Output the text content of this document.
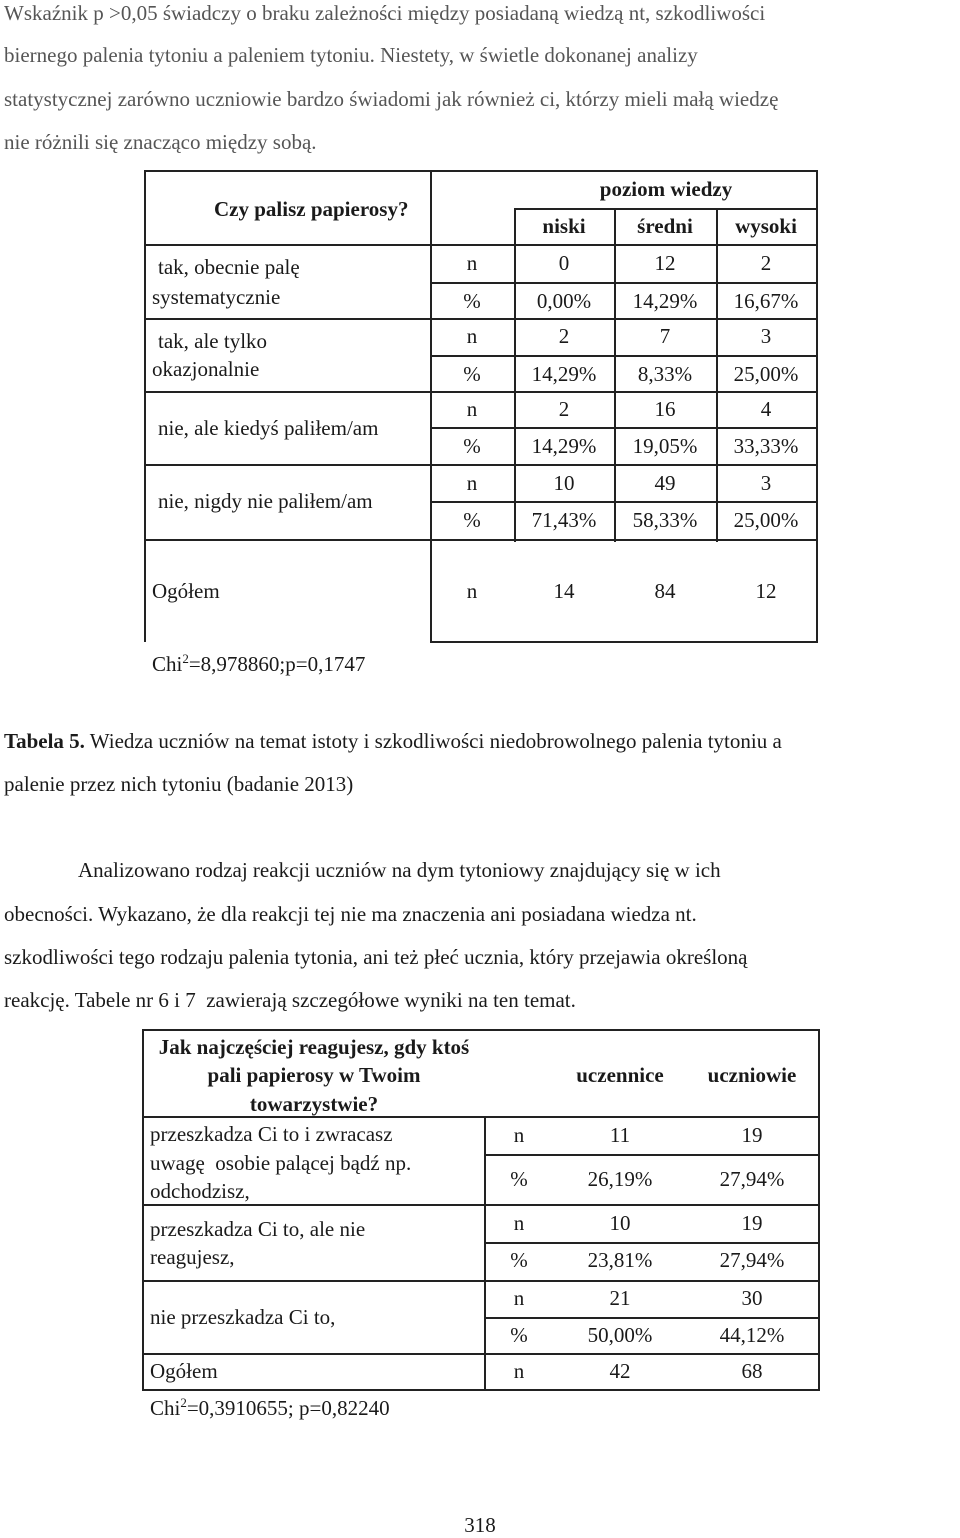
Wskaźnik p >0,05 świadczy o braku zależności między posiadaną wiedzą nt, szkodliwości

biernego palenia tytoniu a paleniem tytoniu. Niestety, w świetle dokonanej analizy

statystycznej zarówno uczniowie bardzo świadomi jak również ci, którzy mieli małą wiedzę

nie różnili się znacząco między sobą.

Czy palisz papierosy?
poziom wiedzy
niski	średni	wysoki
tak, obecnie palę
systematycznie
n	0	12	2
%	0,00%	14,29%	16,67%
tak, ale tylko
okazjonalnie
n	2	7	3
%	14,29%	8,33%	25,00%
nie, ale kiedyś paliłem/am
n	2	16	4
%	14,29%	19,05%	33,33%
nie, nigdy nie paliłem/am
n	10	49	3
%	71,43%	58,33%	25,00%
Ogółem	n	14	84	12
Chi$^2$=8,978860;p=0,1747

Tabela 5. Wiedza uczniów na temat istoty i szkodliwości niedobrowolnego palenia tytoniu a

palenie przez nich tytoniu (badanie 2013)

Analizowano rodzaj reakcji uczniów na dym tytoniowy znajdujący się w ich

obecności. Wykazano, że dla reakcji tej nie ma znaczenia ani posiadana wiedza nt.

szkodliwości tego rodzaju palenia tytonia, ani też płeć ucznia, który przejawia określoną

reakcję. Tabele nr 6 i 7  zawierają szczegółowe wyniki na ten temat.

Jak najczęściej reagujesz, gdy ktoś
pali papierosy w Twoim
towarzystwie?
uczennice	uczniowie
przeszkadza Ci to i zwracasz
uwagę  osobie palącej bądź np.
odchodzisz,
n	11	19
%	26,19%	27,94%
przeszkadza Ci to, ale nie
reagujesz,
n	10	19
%	23,81%	27,94%
nie przeszkadza Ci to,
n	21	30
%	50,00%	44,12%
Ogółem	n	42	68
Chi$^2$=0,3910655; p=0,82240
318
